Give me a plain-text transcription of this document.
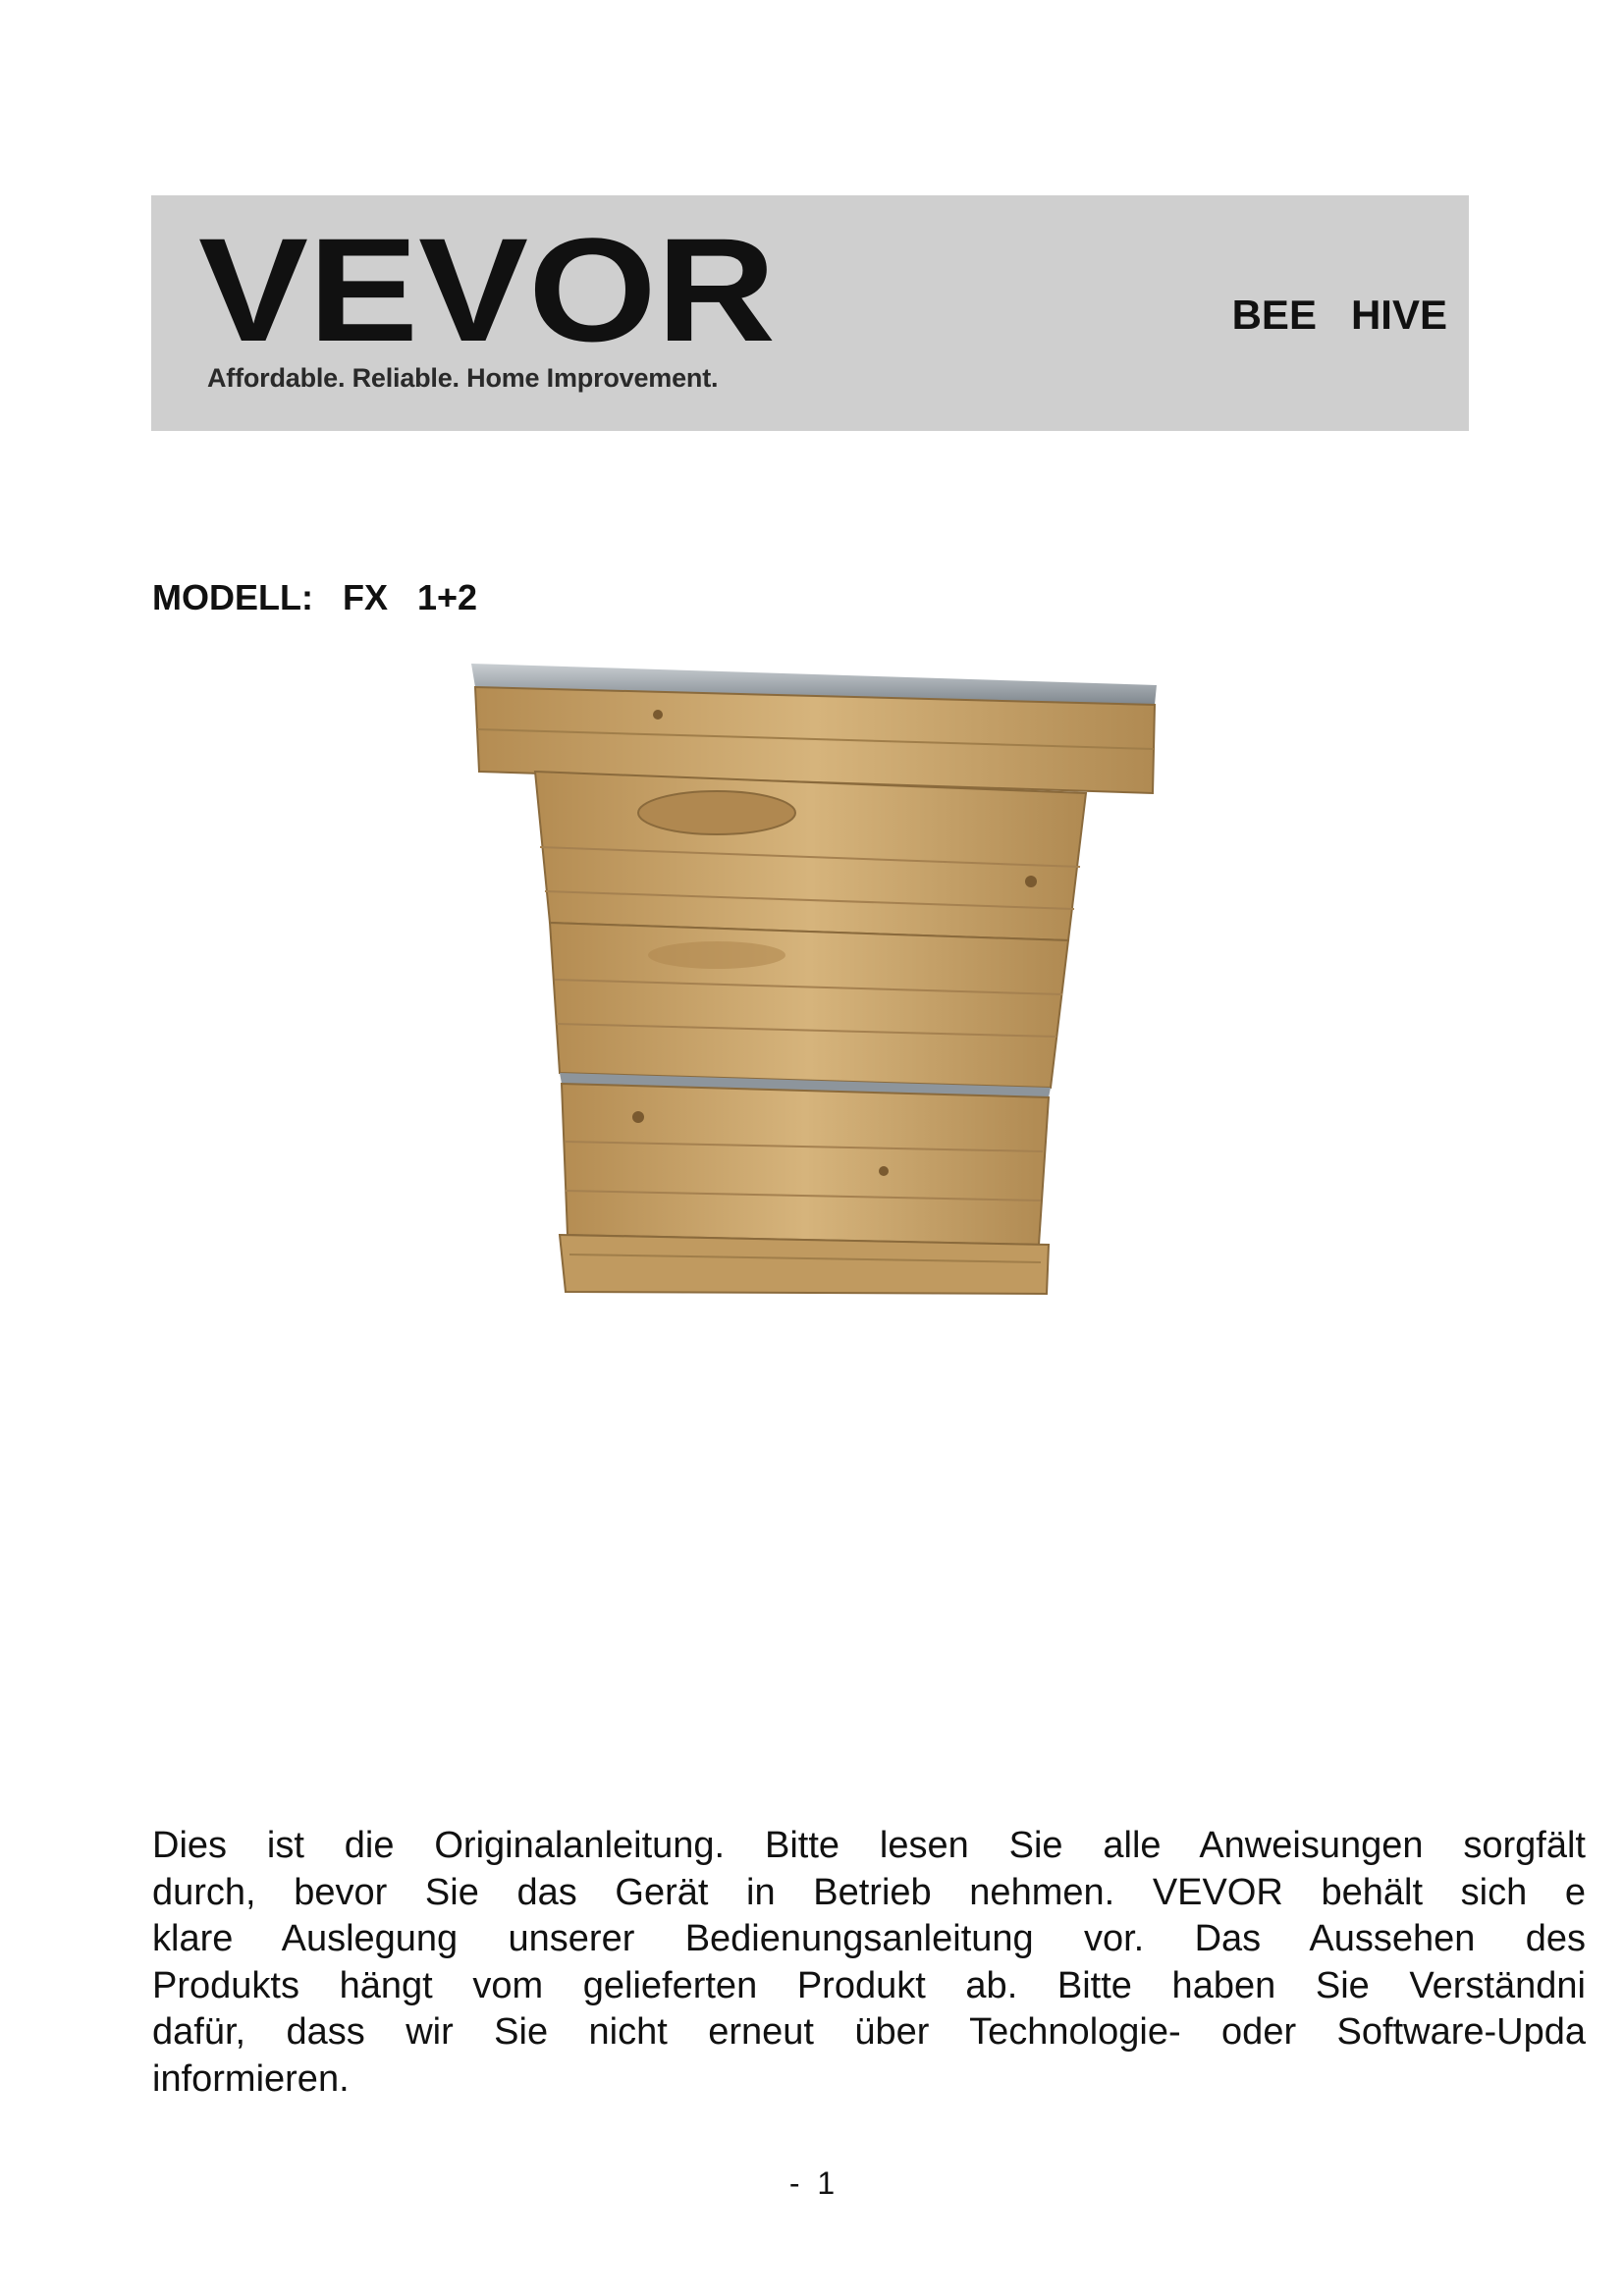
VEVOR
Affordable. Reliable. Home Improvement.
BEE   HIVE
MODELL:   FX   1+2

Dies ist die Originalanleitung. Bitte lesen Sie alle Anweisungen sorgfält
durch, bevor Sie das Gerät in Betrieb nehmen. VEVOR behält sich e
klare Auslegung unserer Bedienungsanleitung vor. Das Aussehen des
Produkts hängt vom gelieferten Produkt ab. Bitte haben Sie Verständni
dafür, dass wir Sie nicht erneut über Technologie- oder Software-Upda
informieren.

-  1
